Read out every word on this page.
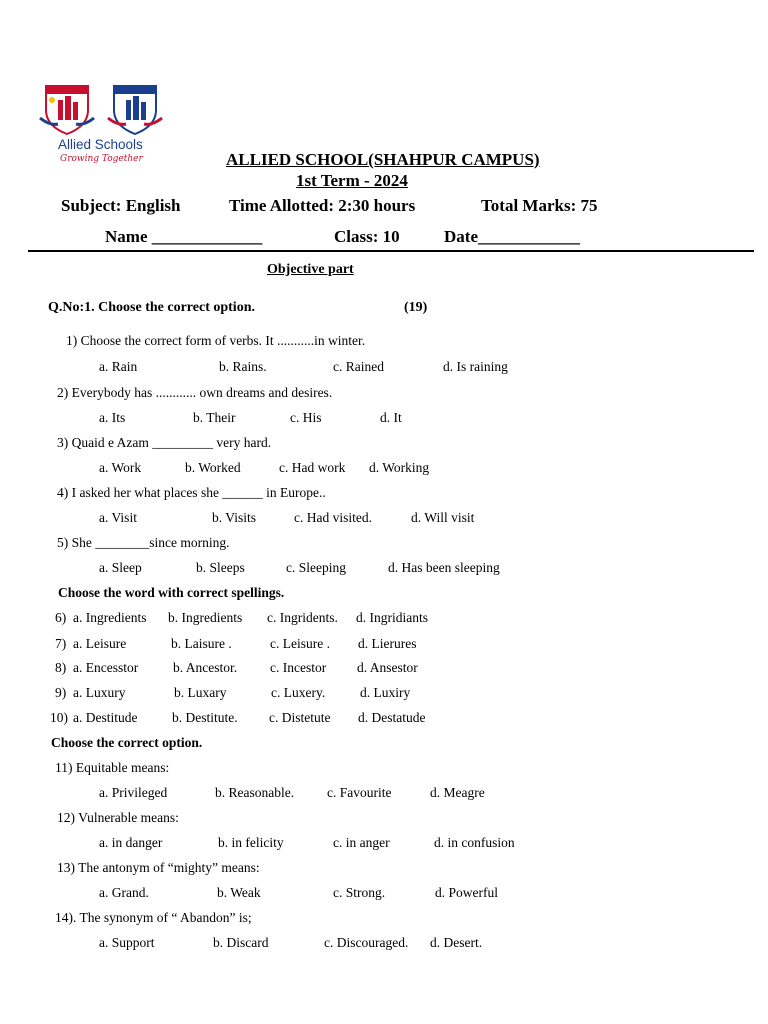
Allied Schools
Growing Together	ALLIED SCHOOL(SHAHPUR CAMPUS)
1st Term - 2024
Subject: English	Time Allotted: 2:30 hours	Total Marks: 75
Name _____________	Class: 10	Date____________
Objective part
Q.No:1. Choose the correct option.	(19)
1) Choose the correct form of verbs. It ...........in winter.
a. Rain	b. Rains.	c. Rained	d. Is raining
2) Everybody has ............ own dreams and desires.
a. Its	b. Their	c. His	d. It
3) Quaid e Azam _________ very hard.
a. Work	b. Worked	c. Had work d. Working
4) I asked her what places she ______ in Europe..
a. Visit	b. Visits	c. Had visited.	d. Will visit
5) She ________since morning.
a. Sleep	b. Sleeps	c. Sleeping	d. Has been sleeping
Choose the word with correct spellings.
6) a. Ingredients b. Ingredients c. Ingridents. d. Ingridiants
7) a. Leisure	b. Laisure .	c. Leisure . d. Lierures
8) a. Encesstor	b. Ancestor. c. Incestor d. Ansestor
9) a. Luxury	b. Luxary	c. Luxery.	d. Luxiry
10) a. Destitude	b. Destitute. c. Distetute d. Destatude
Choose the correct option.
11) Equitable means:
a. Privileged	b. Reasonable. c. Favourite	d. Meagre
12) Vulnerable means:
a. in danger	b. in felicity	c. in anger	d. in confusion
13) The antonym of “mighty” means:
a. Grand.	b. Weak	c. Strong.	d. Powerful
14). The synonym of “ Abandon” is;
a. Support	b. Discard	c. Discouraged. d. Desert.
